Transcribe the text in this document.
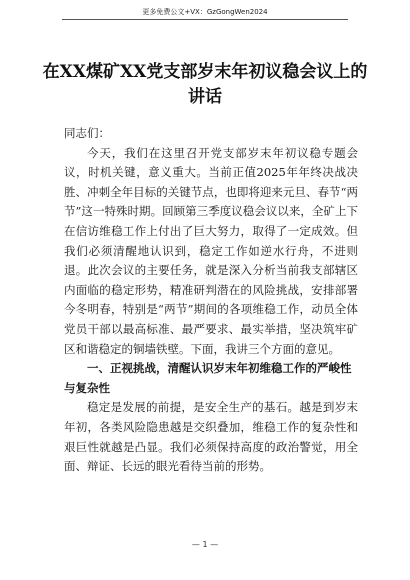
更多免费公文+VX：GzGongWen2024
在XX煤矿XX党支部岁末年初议稳会议上的讲话

同志们：

今天，我们在这里召开党支部岁末年初议稳专题会议，时机关键，意义重大。当前正值2025年年终决战决胜、冲刺全年目标的关键节点，也即将迎来元旦、春节“两节”这一特殊时期。回顾第三季度议稳会议以来，全矿上下在信访维稳工作上付出了巨大努力，取得了一定成效。但我们必须清醒地认识到，稳定工作如逆水行舟，不进则退。此次会议的主要任务，就是深入分析当前我支部辖区内面临的稳定形势，精准研判潜在的风险挑战，安排部署今冬明春，特别是“两节”期间的各项维稳工作，动员全体党员干部以最高标准、最严要求、最实举措，坚决筑牢矿区和谐稳定的铜墙铁壁。下面，我讲三个方面的意见。

一、正视挑战，清醒认识岁末年初维稳工作的严峻性与复杂性

稳定是发展的前提，是安全生产的基石。越是到岁末年初，各类风险隐患越是交织叠加，维稳工作的复杂性和艰巨性就越是凸显。我们必须保持高度的政治警觉，用全面、辩证、长远的眼光看待当前的形势。

— 1 —
